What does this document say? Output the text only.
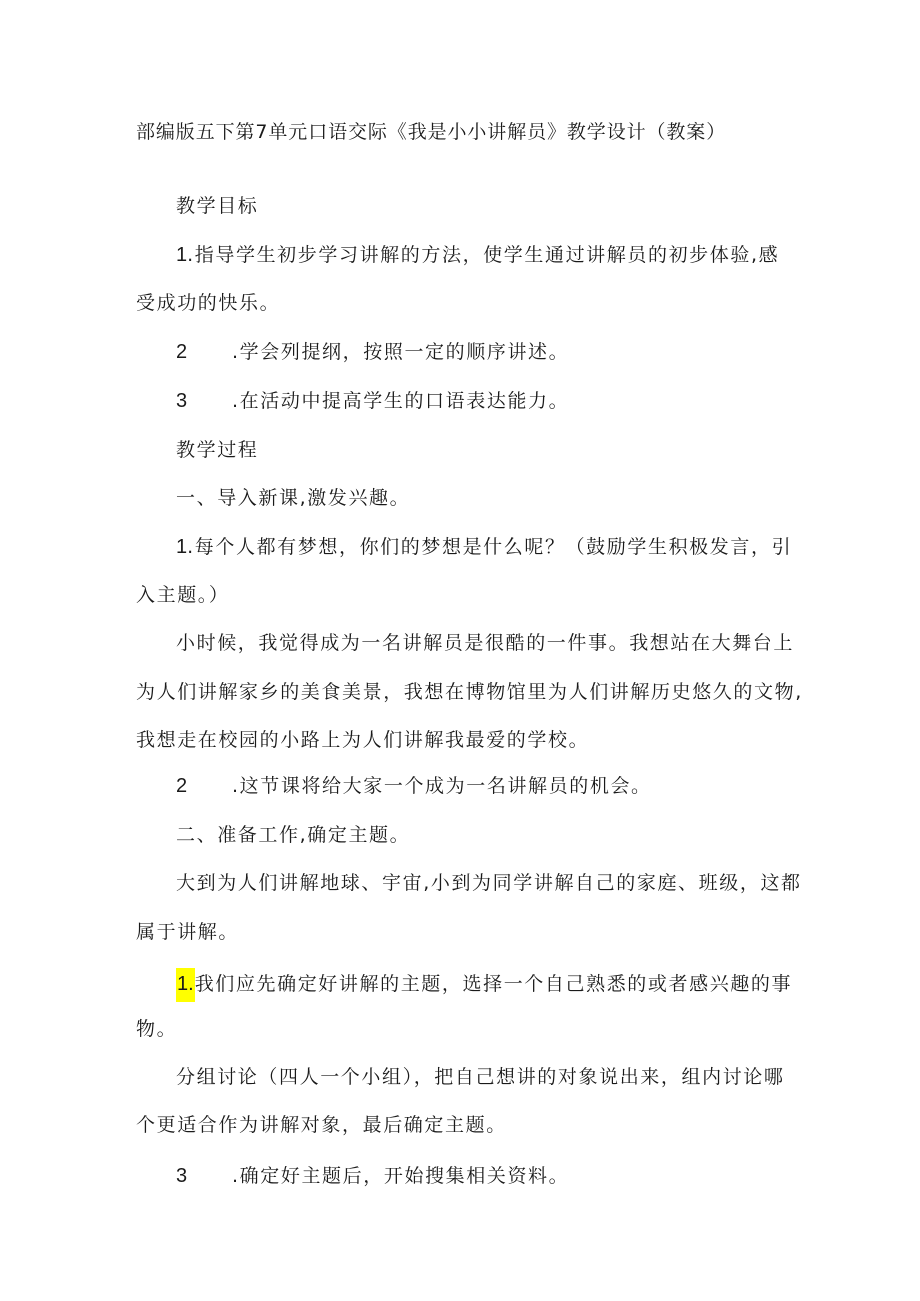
部编版五下第7单元口语交际《我是小小讲解员》教学设计（教案）
教学目标
1.指导学生初步学习讲解的方法，使学生通过讲解员的初步体验,感
受成功的快乐。
2 .学会列提纲，按照一定的顺序讲述。
3 .在活动中提高学生的口语表达能力。
教学过程
一、导入新课,激发兴趣。
1.每个人都有梦想，你们的梦想是什么呢？（鼓励学生积极发言，引
入主题。）
小时候，我觉得成为一名讲解员是很酷的一件事。我想站在大舞台上
为人们讲解家乡的美食美景，我想在博物馆里为人们讲解历史悠久的文物,
我想走在校园的小路上为人们讲解我最爱的学校。
2 .这节课将给大家一个成为一名讲解员的机会。
二、准备工作,确定主题。
大到为人们讲解地球、宇宙,小到为同学讲解自己的家庭、班级，这都
属于讲解。
1.我们应先确定好讲解的主题，选择一个自己熟悉的或者感兴趣的事
物。
分组讨论（四人一个小组），把自己想讲的对象说出来，组内讨论哪
个更适合作为讲解对象，最后确定主题。
3 .确定好主题后，开始搜集相关资料。
